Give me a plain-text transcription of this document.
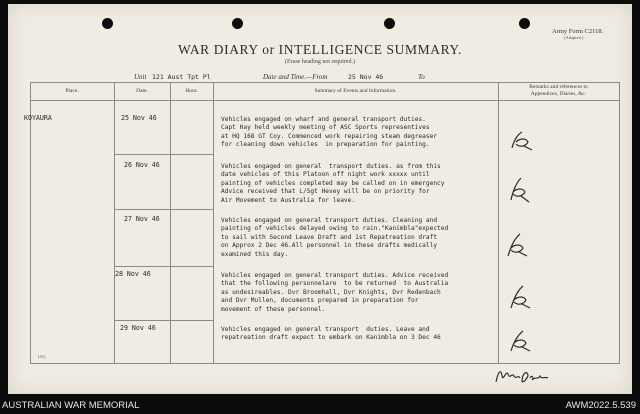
Army Form C2118.
(Adapted.)
WAR DIARY or INTELLIGENCE SUMMARY.
(Erase heading not required.)
Unit 121 Aust Tpt Pl	Date and Time.—From	25 Nov 46	To
Place.	Date.	Hour.	Summary of Events and Information.
Remarks and references to
Appendices, Diaries, &c.
KOYAURA	25 Nov 46	Vehicles engaged on wharf and general transport duties.
Capt Hay held weekly meeting of ASC Sports representives
at HQ 168 GT Coy. Commenced work repairing steam degreaser
for cleaning down vehicles  in preparation for painting.
26 Nov 46	Vehicles engaged on general  transport duties. as from this
date vehicles of this Platoon off night work xxxxx until
painting of vehicles completed may be called on in emergency
Advice received that L/Sgt Hevey will be on priority for
Air Movement to Australia for leave.
27 Nov 46	Vehicles engaged on general transport duties. Cleaning and
painting of vehicles delayed owing to rain."Kanimbla"expected
to sail with Second Leave Draft and 1st Repatreation draft
on Approx 2 Dec 46.All personnel in these drafts medically
examined this day.
28 Nov 46	Vehicles engaged on general transport duties. Advice received
that the following personnelare  to be returned  to Australia
as undesireables. Dvr Broomhall, Dvr Knights, Dvr Redenbach
and Dvr Mullen, documents prepared in preparation for
movement of these personnel.
29 Nov 46	Vehicles engaged on general transport  duties. Leave and
repatreation draft expect to embark on Kanimbla on 3 Dec 46
(41)
AUSTRALIAN WAR MEMORIAL	AWM2022.5.539
